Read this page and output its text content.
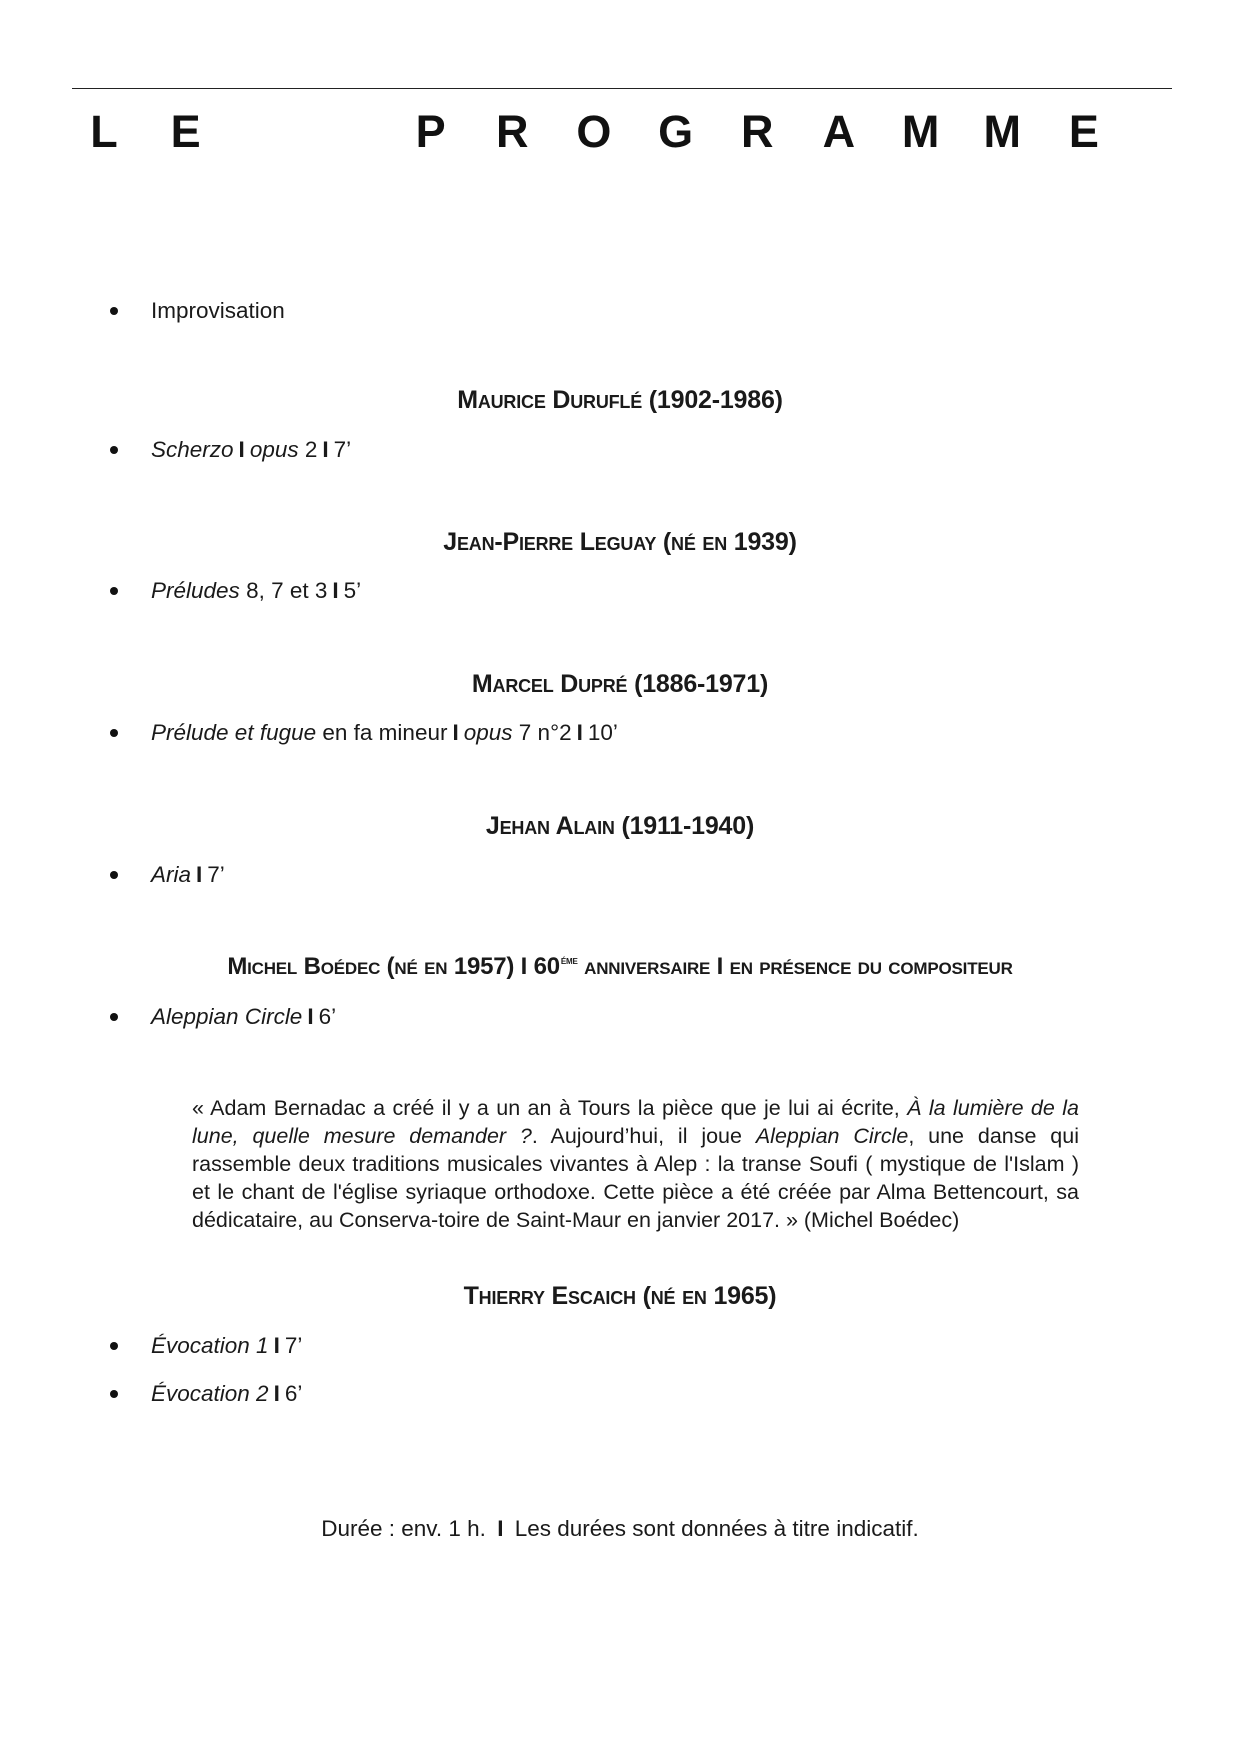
L E	P R O G R A M M E
Improvisation
Maurice Duruflé (1902-1986)
Scherzo I opus
2 I 7’
Jean-Pierre Leguay (né en 1939)
Préludes
8, 7 et 3 I 5’
Marcel Dupré (1886-1971)
Prélude et fugue
en fa mineur I opus
7 n°2 I 10’
Jehan Alain (1911-1940)
Aria I 7’
Michel Boédec (né en 1957) I $60^{éme}$ anniversaire I en présence du compositeur
Aleppian Circle I 6’
« Adam Bernadac a créé il y a un an à Tours la pièce que je lui ai écrite, À la lumière de la lune, quelle mesure demander ?. Aujourd’hui, il joue Aleppian Circle, une danse qui rassemble deux traditions musicales vivantes à Alep : la transe Soufi ( mystique de l'Islam ) et le chant de l'église syriaque orthodoxe. Cette pièce a été créée par Alma Bettencourt, sa dédicataire, au Conserva-toire de Saint-Maur en janvier 2017. » (Michel Boédec)
Thierry Escaich (né en 1965)
Évocation 1 I 7’
Évocation 2 I 6’
Durée : env. 1 h. I Les durées sont données à titre indicatif.
